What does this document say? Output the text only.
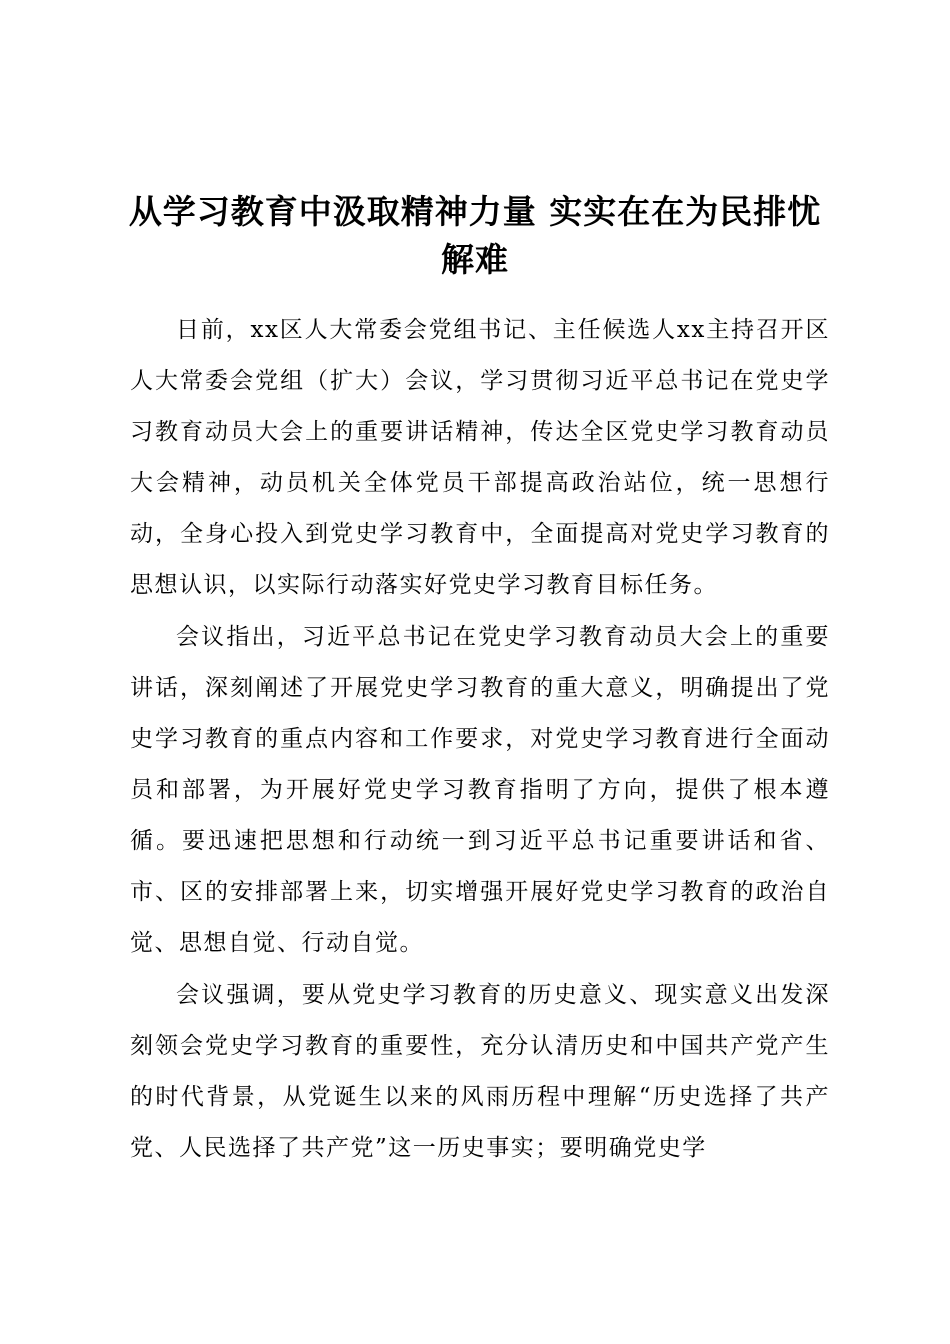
从学习教育中汲取精神力量 实实在在为民排忧解难

日前，xx区人大常委会党组书记、主任候选人xx主持召开区人大常委会党组（扩大）会议，学习贯彻习近平总书记在党史学习教育动员大会上的重要讲话精神，传达全区党史学习教育动员大会精神，动员机关全体党员干部提高政治站位，统一思想行动，全身心投入到党史学习教育中，全面提高对党史学习教育的思想认识，以实际行动落实好党史学习教育目标任务。

会议指出，习近平总书记在党史学习教育动员大会上的重要讲话，深刻阐述了开展党史学习教育的重大意义，明确提出了党史学习教育的重点内容和工作要求，对党史学习教育进行全面动员和部署，为开展好党史学习教育指明了方向，提供了根本遵循。要迅速把思想和行动统一到习近平总书记重要讲话和省、市、区的安排部署上来，切实增强开展好党史学习教育的政治自觉、思想自觉、行动自觉。

会议强调，要从党史学习教育的历史意义、现实意义出发深刻领会党史学习教育的重要性，充分认清历史和中国共产党产生的时代背景，从党诞生以来的风雨历程中理解“历史选择了共产党、人民选择了共产党”这一历史事实；要明确党史学
